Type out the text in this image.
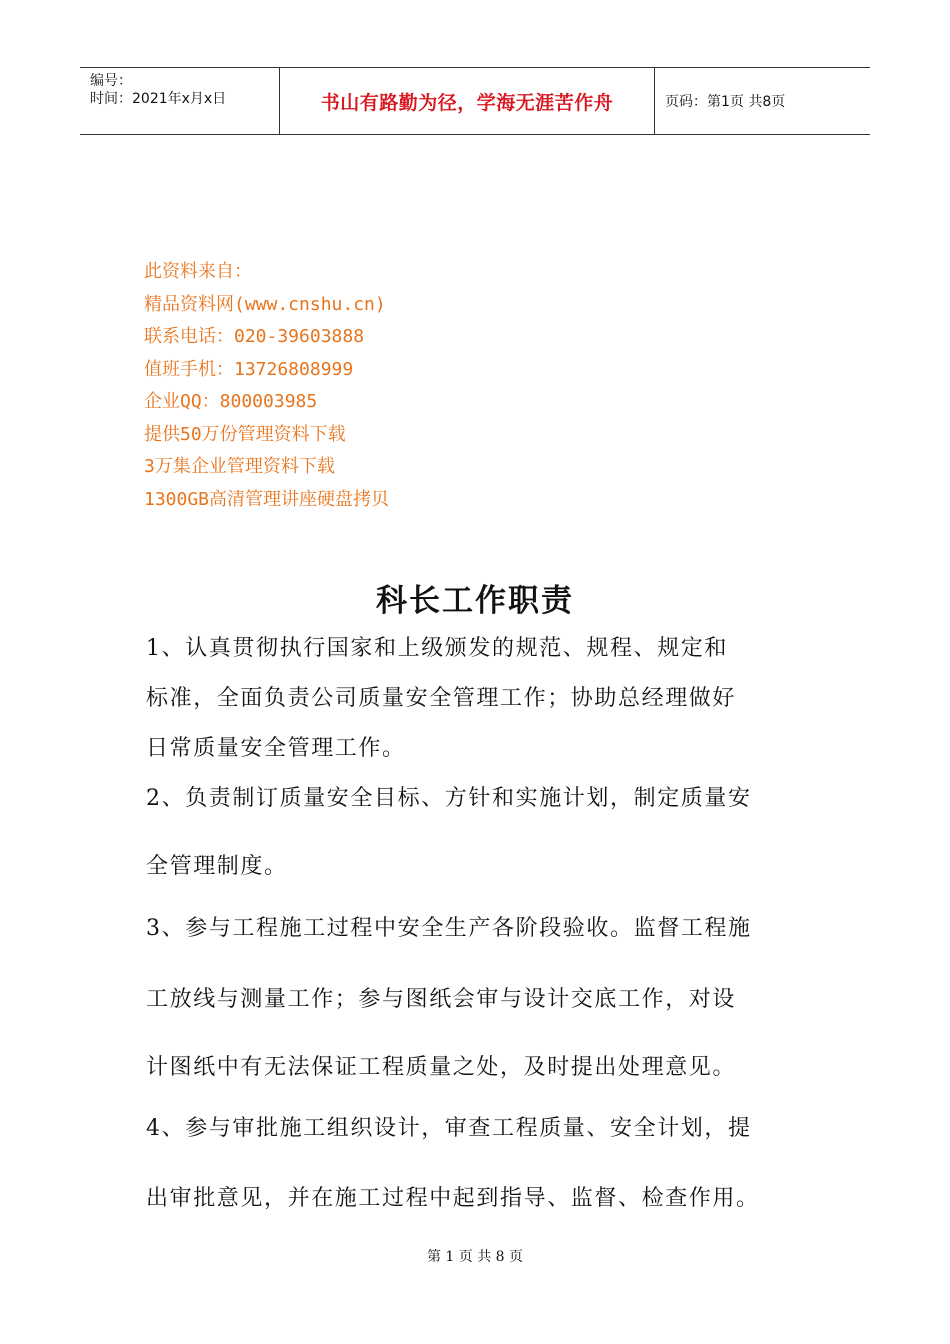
编号：
时间：2021年x月x日	书山有路勤为径，学海无涯苦作舟	页码：第1页 共8页
此资料来自：
精品资料网(www.cnshu.cn)
联系电话：020-39603888
值班手机：13726808999
企业QQ：800003985
提供50万份管理资料下载
3万集企业管理资料下载
1300GB高清管理讲座硬盘拷贝
科长工作职责
1、认真贯彻执行国家和上级颁发的规范、规程、规定和
标准，全面负责公司质量安全管理工作；协助总经理做好
日常质量安全管理工作。
2、负责制订质量安全目标、方针和实施计划，制定质量安
全管理制度。
3、参与工程施工过程中安全生产各阶段验收。监督工程施
工放线与测量工作；参与图纸会审与设计交底工作，对设
计图纸中有无法保证工程质量之处，及时提出处理意见。
4、参与审批施工组织设计，审查工程质量、安全计划，提
出审批意见，并在施工过程中起到指导、监督、检查作用。
第 1 页 共 8 页
